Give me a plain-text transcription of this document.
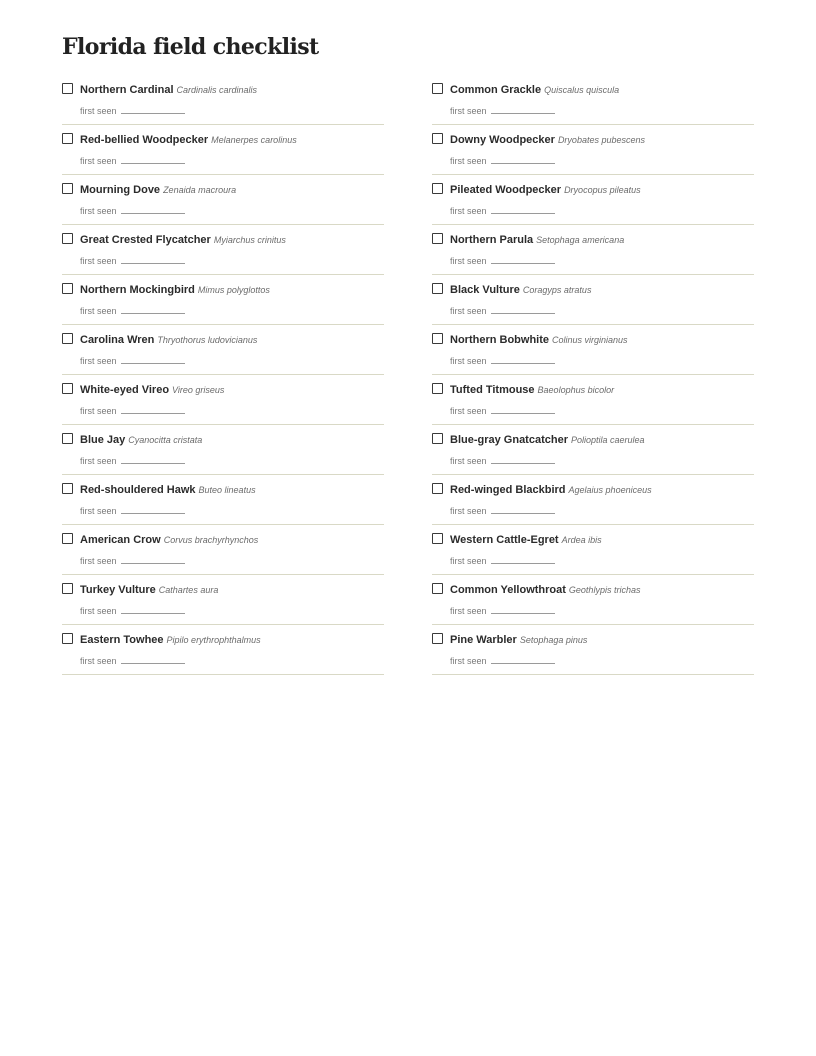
Florida field checklist
Northern Cardinal Cardinalis cardinalis
first seen
Red-bellied Woodpecker Melanerpes carolinus
first seen
Mourning Dove Zenaida macroura
first seen
Great Crested Flycatcher Myiarchus crinitus
first seen
Northern Mockingbird Mimus polyglottos
first seen
Carolina Wren Thryothorus ludovicianus
first seen
White-eyed Vireo Vireo griseus
first seen
Blue Jay Cyanocitta cristata
first seen
Red-shouldered Hawk Buteo lineatus
first seen
American Crow Corvus brachyrhynchos
first seen
Turkey Vulture Cathartes aura
first seen
Eastern Towhee Pipilo erythrophthalmus
first seen
Common Grackle Quiscalus quiscula
first seen
Downy Woodpecker Dryobates pubescens
first seen
Pileated Woodpecker Dryocopus pileatus
first seen
Northern Parula Setophaga americana
first seen
Black Vulture Coragyps atratus
first seen
Northern Bobwhite Colinus virginianus
first seen
Tufted Titmouse Baeolophus bicolor
first seen
Blue-gray Gnatcatcher Polioptila caerulea
first seen
Red-winged Blackbird Agelaius phoeniceus
first seen
Western Cattle-Egret Ardea ibis
first seen
Common Yellowthroat Geothlypis trichas
first seen
Pine Warbler Setophaga pinus
first seen
